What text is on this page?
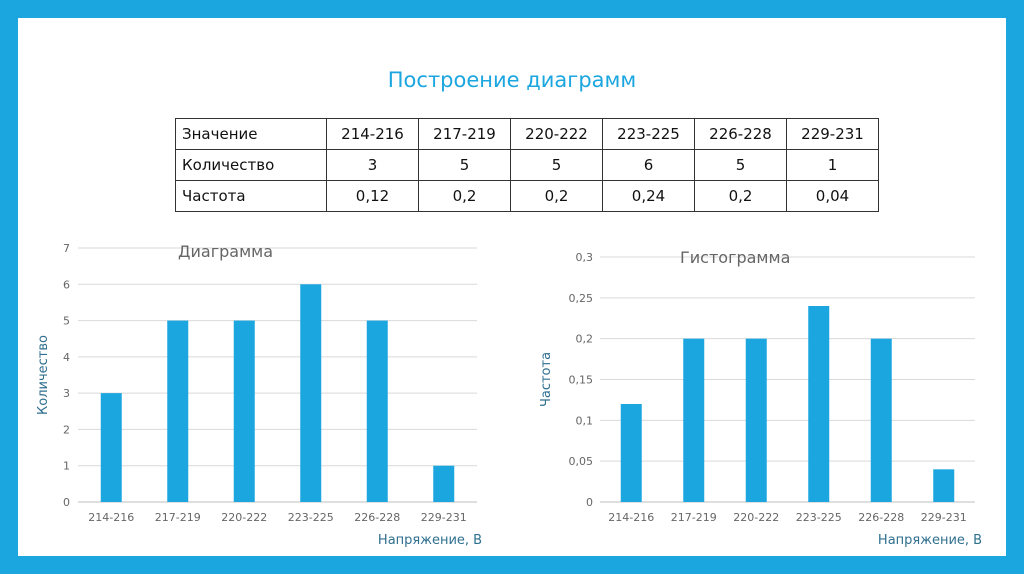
Построение диаграмм
Значение	214-216	217-219	220-222	223-225	226-228	229-231
Количество	3	5	5	6	5	1
Частота	0,12	0,2	0,2	0,24	0,2	0,04
0
1
2
3
4
5
6
7
214-216 217-219 220-222 223-225 226-228 229-231
Диаграмма
Количество
Напряжение, В
0
0,05
0,1
0,15
0,2
0,25
0,3
214-216 217-219 220-222 223-225 226-228 229-231
Гистограмма
Частота
Напряжение, В
